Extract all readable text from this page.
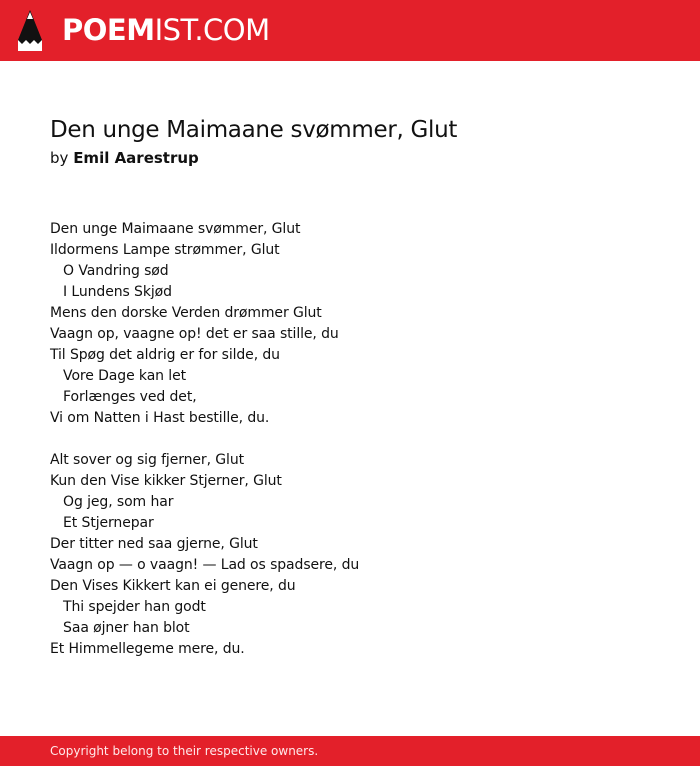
POEMIST.COM
Den unge Maimaane svømmer, Glut
by Emil Aarestrup
Den unge Maimaane svømmer, Glut
Ildormens Lampe strømmer, Glut
O Vandring sød
I Lundens Skjød
Mens den dorske Verden drømmer Glut
Vaagn op, vaagne op! det er saa stille, du
Til Spøg det aldrig er for silde, du
Vore Dage kan let
Forlænges ved det,
Vi om Natten i Hast bestille, du.
Alt sover og sig fjerner, Glut
Kun den Vise kikker Stjerner, Glut
Og jeg, som har
Et Stjernepar
Der titter ned saa gjerne, Glut
Vaagn op — o vaagn! — Lad os spadsere, du
Den Vises Kikkert kan ei genere, du
Thi spejder han godt
Saa øjner han blot
Et Himmellegeme mere, du.
Copyright belong to their respective owners.
